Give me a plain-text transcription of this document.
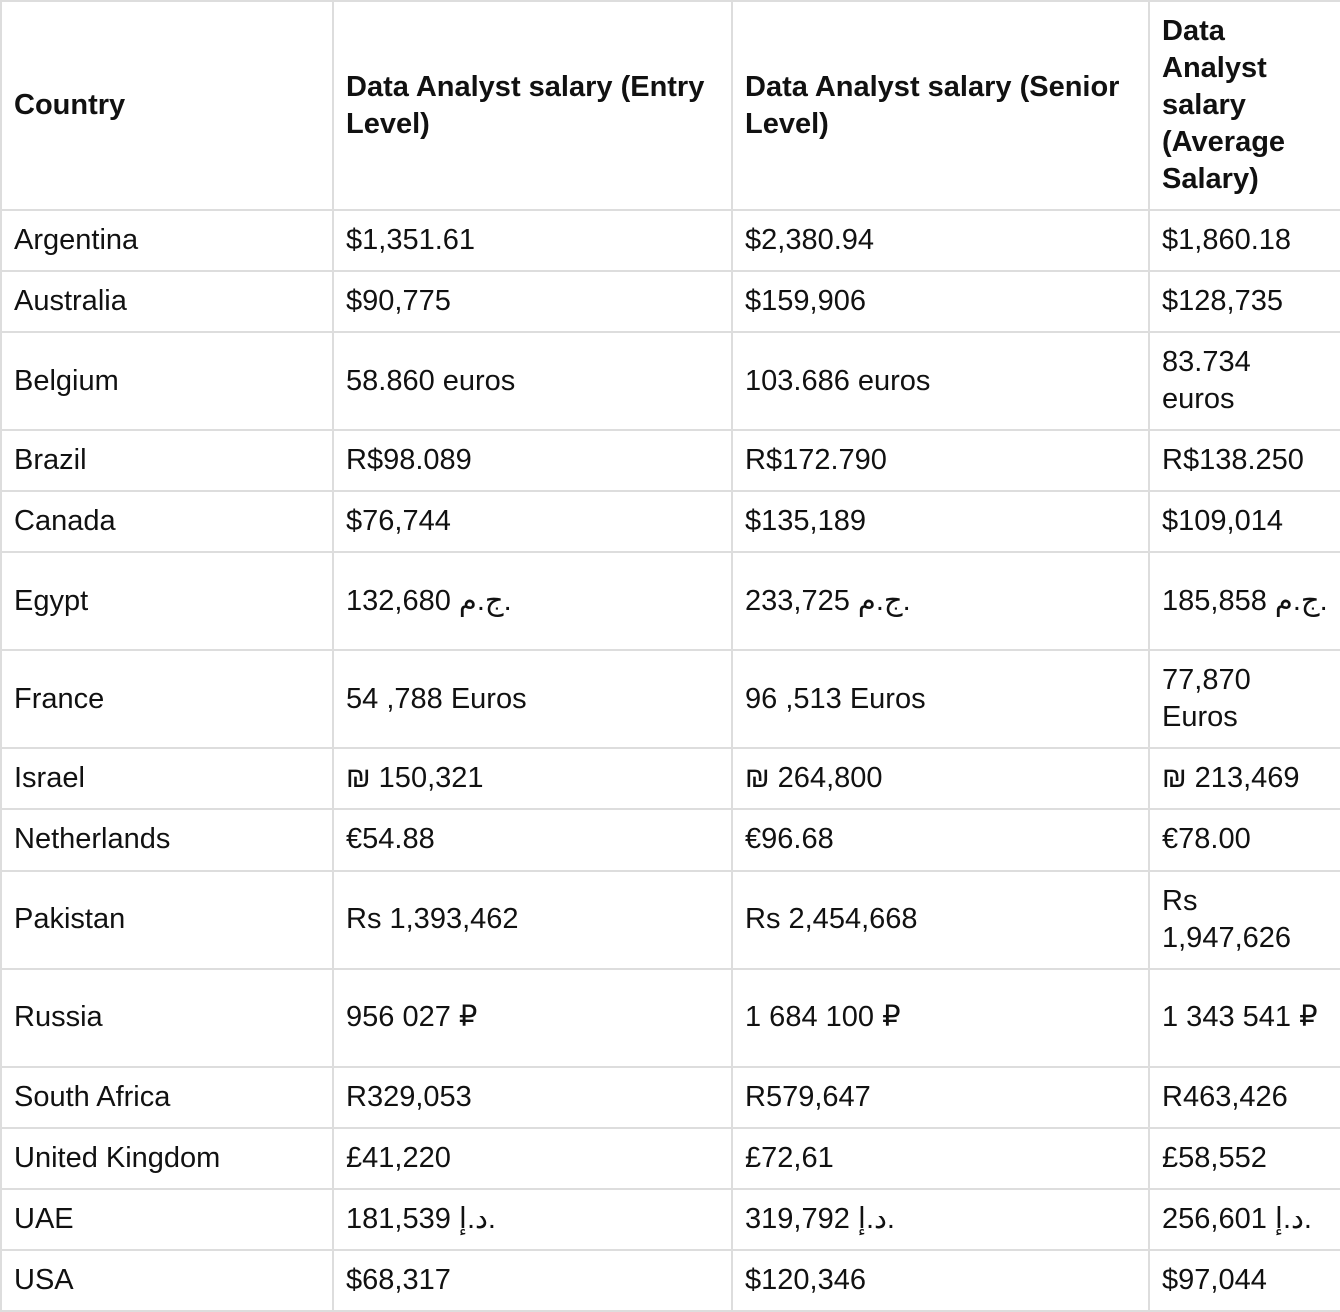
Country	Data Analyst salary (Entry Level)	Data Analyst salary (Senior Level)	Data Analyst salary (Average Salary)
Argentina	$1,351.61	$2,380.94	$1,860.18
Australia	$90,775	$159,906	$128,735
Belgium	58.860 euros	103.686 euros	83.734 euros
Brazil	R$98.089	R$172.790	R$138.250
Canada	$76,744	$135,189	$109,014
Egypt	132,680 ج.م.	233,725 ج.م.	185,858 ج.م.
France	54 ,788 Euros	96 ,513 Euros	77,870 Euros
Israel	₪ 150,321	₪ 264,800	₪ 213,469
Netherlands	€54.88	€96.68	€78.00
Pakistan	Rs 1,393,462	Rs 2,454,668	Rs 1,947,626
Russia	956 027 ₽	1 684 100 ₽	1 343 541 ₽
South Africa	R329,053	R579,647	R463,426
United Kingdom	£41,220	£72,61	£58,552
UAE	181,539 د.إ.	319,792 د.إ.	256,601 د.إ.
USA	$68,317	$120,346	$97,044
